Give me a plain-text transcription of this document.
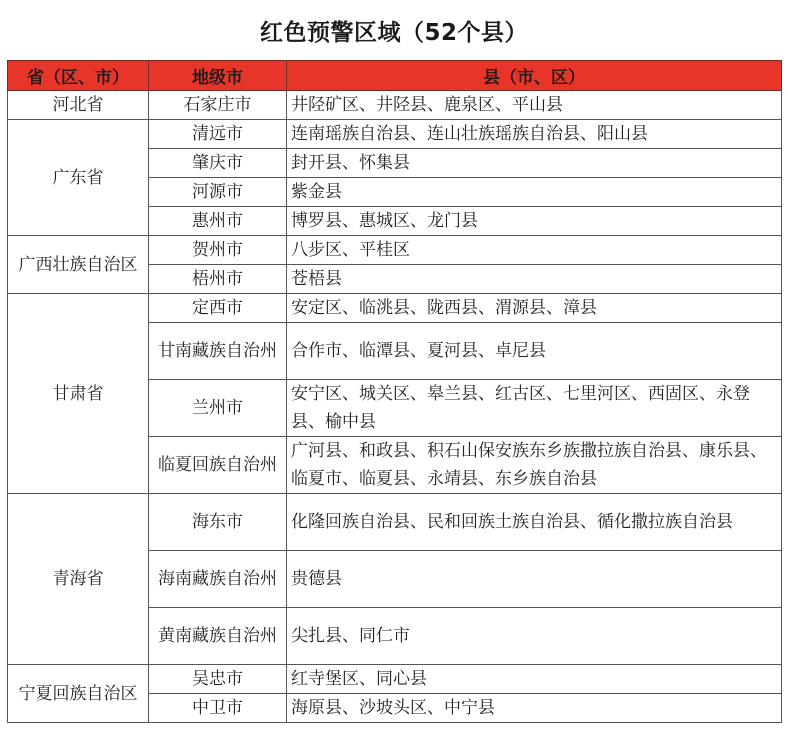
红色预警区域（52个县）
省（区、市）	地级市	县（市、区）
河北省	石家庄市	井陉矿区、井陉县、鹿泉区、平山县
广东省	清远市	连南瑶族自治县、连山壮族瑶族自治县、阳山县
	肇庆市	封开县、怀集县
	河源市	紫金县
	惠州市	博罗县、惠城区、龙门县
广西壮族自治区	贺州市	八步区、平桂区
	梧州市	苍梧县
甘肃省	定西市	安定区、临洮县、陇西县、渭源县、漳县
	甘南藏族自治州	合作市、临潭县、夏河县、卓尼县
	兰州市	安宁区、城关区、皋兰县、红古区、七里河区、西固区、永登县、榆中县
	临夏回族自治州	广河县、和政县、积石山保安族东乡族撒拉族自治县、康乐县、临夏市、临夏县、永靖县、东乡族自治县
青海省	海东市	化隆回族自治县、民和回族土族自治县、循化撒拉族自治县
	海南藏族自治州	贵德县
	黄南藏族自治州	尖扎县、同仁市
宁夏回族自治区	吴忠市	红寺堡区、同心县
	中卫市	海原县、沙坡头区、中宁县
